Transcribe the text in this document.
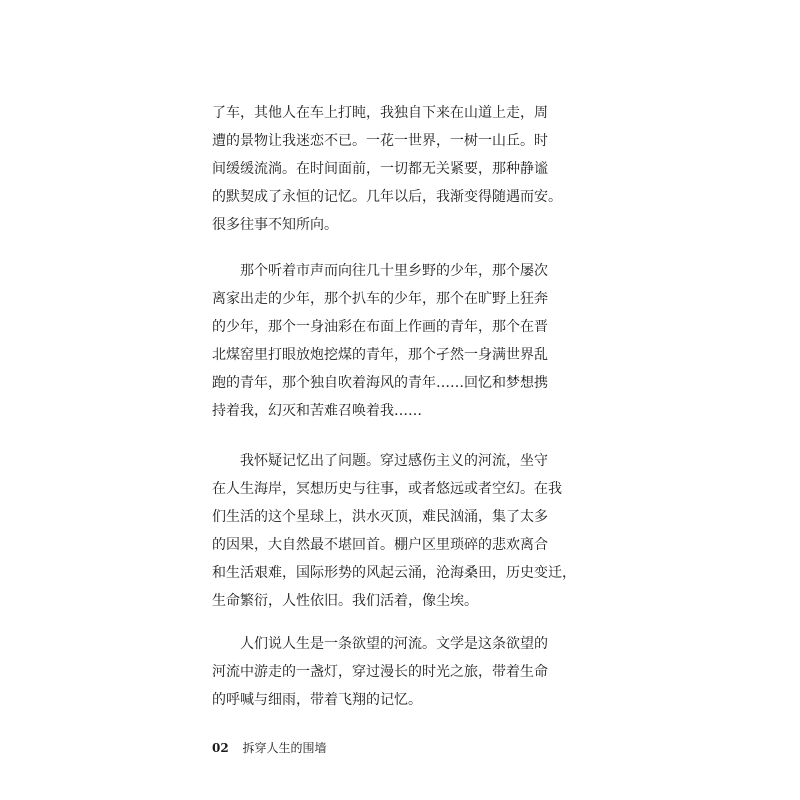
了车，其他人在车上打盹，我独自下来在山道上走，周
遭的景物让我迷恋不已。一花一世界，一树一山丘。时
间缓缓流淌。在时间面前，一切都无关紧要，那种静谧
的默契成了永恒的记忆。几年以后，我渐变得随遇而安。
很多往事不知所向。

　　那个听着市声而向往几十里乡野的少年，那个屡次
离家出走的少年，那个扒车的少年，那个在旷野上狂奔
的少年，那个一身油彩在布面上作画的青年，那个在晋
北煤窑里打眼放炮挖煤的青年，那个孑然一身满世界乱
跑的青年，那个独自吹着海风的青年……回忆和梦想携
持着我，幻灭和苦难召唤着我……

　　我怀疑记忆出了问题。穿过感伤主义的河流，坐守
在人生海岸，冥想历史与往事，或者悠远或者空幻。在我
们生活的这个星球上，洪水灭顶，难民汹涌，集了太多
的因果，大自然最不堪回首。棚户区里琐碎的悲欢离合
和生活艰难，国际形势的风起云涌，沧海桑田，历史变迁，
生命繁衍，人性依旧。我们活着，像尘埃。

　　人们说人生是一条欲望的河流。文学是这条欲望的
河流中游走的一盏灯，穿过漫长的时光之旅，带着生命
的呼喊与细雨，带着飞翔的记忆。

02 拆穿人生的围墙
